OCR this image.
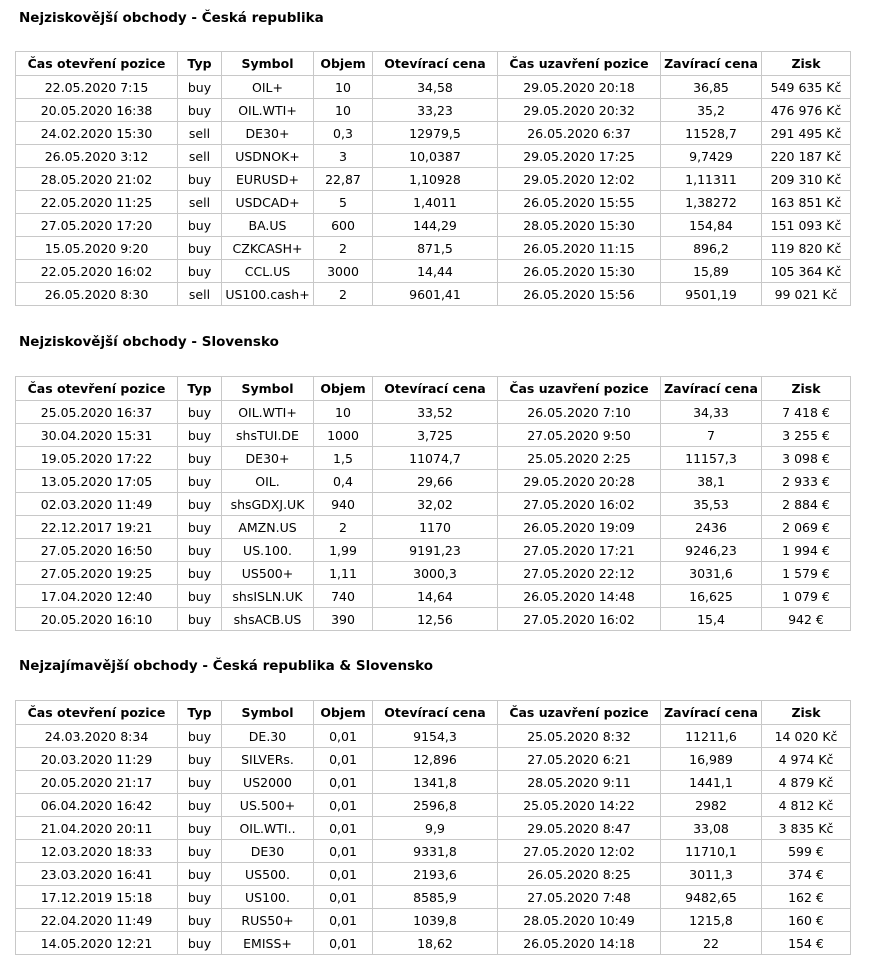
Nejziskovější obchody - Česká republika
Čas otevření pozice	Typ	Symbol	Objem	Otevírací cena	Čas uzavření pozice	Zavírací cena	Zisk
22.05.2020 7:15	buy	OIL+	10	34,58	29.05.2020 20:18	36,85	549 635 Kč
20.05.2020 16:38	buy	OIL.WTI+	10	33,23	29.05.2020 20:32	35,2	476 976 Kč
24.02.2020 15:30	sell	DE30+	0,3	12979,5	26.05.2020 6:37	11528,7	291 495 Kč
26.05.2020 3:12	sell	USDNOK+	3	10,0387	29.05.2020 17:25	9,7429	220 187 Kč
28.05.2020 21:02	buy	EURUSD+	22,87	1,10928	29.05.2020 12:02	1,11311	209 310 Kč
22.05.2020 11:25	sell	USDCAD+	5	1,4011	26.05.2020 15:55	1,38272	163 851 Kč
27.05.2020 17:20	buy	BA.US	600	144,29	28.05.2020 15:30	154,84	151 093 Kč
15.05.2020 9:20	buy	CZKCASH+	2	871,5	26.05.2020 11:15	896,2	119 820 Kč
22.05.2020 16:02	buy	CCL.US	3000	14,44	26.05.2020 15:30	15,89	105 364 Kč
26.05.2020 8:30	sell	US100.cash+	2	9601,41	26.05.2020 15:56	9501,19	99 021 Kč
Nejziskovější obchody - Slovensko
Čas otevření pozice	Typ	Symbol	Objem	Otevírací cena	Čas uzavření pozice	Zavírací cena	Zisk
25.05.2020 16:37	buy	OIL.WTI+	10	33,52	26.05.2020 7:10	34,33	7 418 €
30.04.2020 15:31	buy	shsTUI.DE	1000	3,725	27.05.2020 9:50	7	3 255 €
19.05.2020 17:22	buy	DE30+	1,5	11074,7	25.05.2020 2:25	11157,3	3 098 €
13.05.2020 17:05	buy	OIL.	0,4	29,66	29.05.2020 20:28	38,1	2 933 €
02.03.2020 11:49	buy	shsGDXJ.UK	940	32,02	27.05.2020 16:02	35,53	2 884 €
22.12.2017 19:21	buy	AMZN.US	2	1170	26.05.2020 19:09	2436	2 069 €
27.05.2020 16:50	buy	US.100.	1,99	9191,23	27.05.2020 17:21	9246,23	1 994 €
27.05.2020 19:25	buy	US500+	1,11	3000,3	27.05.2020 22:12	3031,6	1 579 €
17.04.2020 12:40	buy	shsISLN.UK	740	14,64	26.05.2020 14:48	16,625	1 079 €
20.05.2020 16:10	buy	shsACB.US	390	12,56	27.05.2020 16:02	15,4	942 €
Nejzajímavější obchody - Česká republika & Slovensko
Čas otevření pozice	Typ	Symbol	Objem	Otevírací cena	Čas uzavření pozice	Zavírací cena	Zisk
24.03.2020 8:34	buy	DE.30	0,01	9154,3	25.05.2020 8:32	11211,6	14 020 Kč
20.03.2020 11:29	buy	SILVERs.	0,01	12,896	27.05.2020 6:21	16,989	4 974 Kč
20.05.2020 21:17	buy	US2000	0,01	1341,8	28.05.2020 9:11	1441,1	4 879 Kč
06.04.2020 16:42	buy	US.500+	0,01	2596,8	25.05.2020 14:22	2982	4 812 Kč
21.04.2020 20:11	buy	OIL.WTI..	0,01	9,9	29.05.2020 8:47	33,08	3 835 Kč
12.03.2020 18:33	buy	DE30	0,01	9331,8	27.05.2020 12:02	11710,1	599 €
23.03.2020 16:41	buy	US500.	0,01	2193,6	26.05.2020 8:25	3011,3	374 €
17.12.2019 15:18	buy	US100.	0,01	8585,9	27.05.2020 7:48	9482,65	162 €
22.04.2020 11:49	buy	RUS50+	0,01	1039,8	28.05.2020 10:49	1215,8	160 €
14.05.2020 12:21	buy	EMISS+	0,01	18,62	26.05.2020 14:18	22	154 €
